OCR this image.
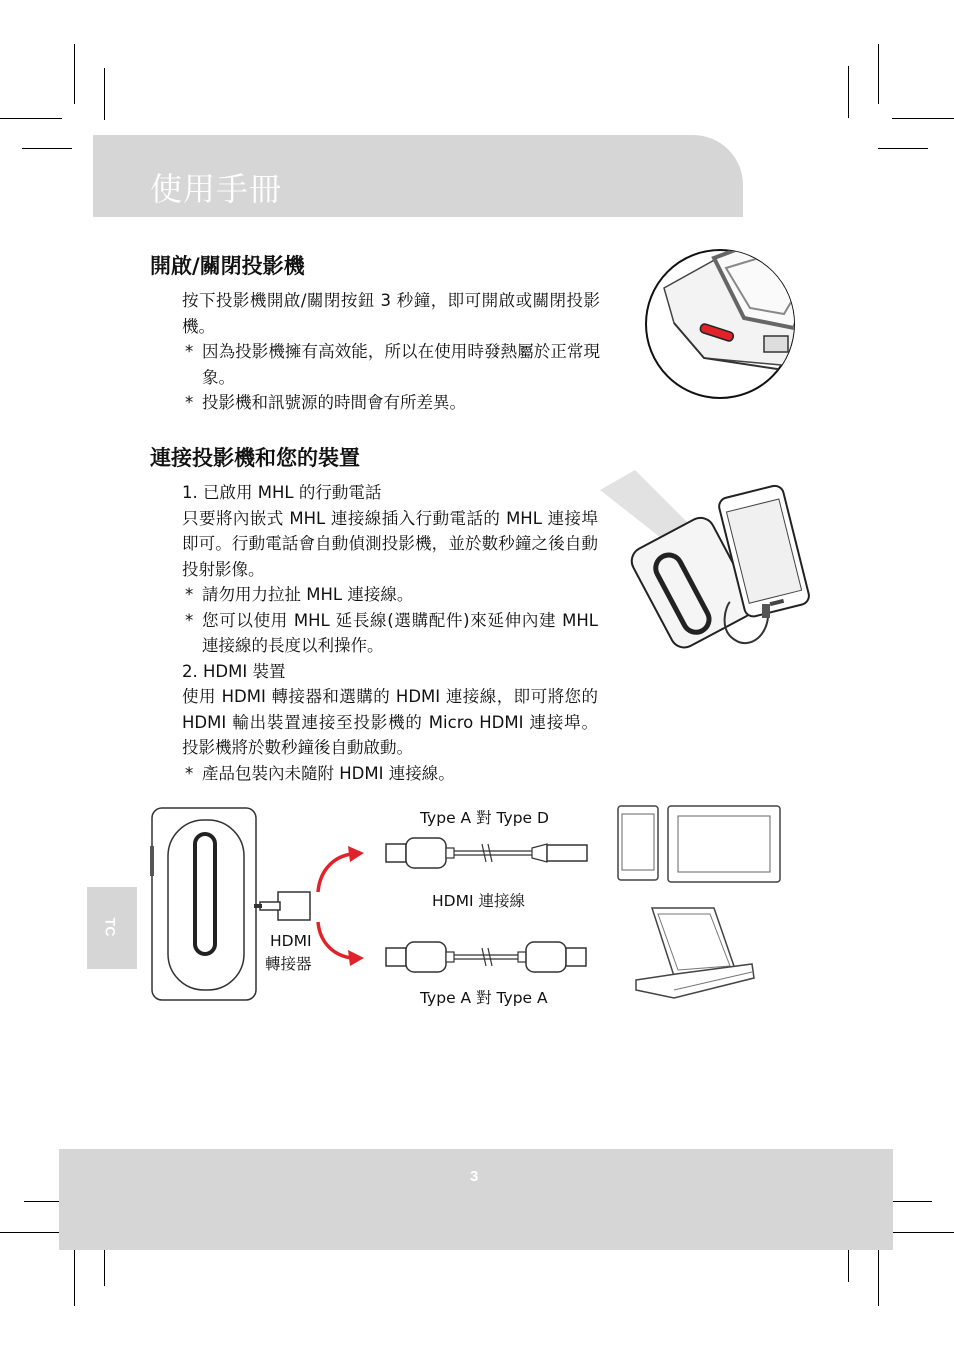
使用手冊
開啟/關閉投影機

按下投影機開啟/關閉按鈕 3 秒鐘，即可開啟或關閉投影機。

* 因為投影機擁有高效能，所以在使用時發熱屬於正常現象。

* 投影機和訊號源的時間會有所差異。

連接投影機和您的裝置

1. 已啟用 MHL 的行動電話

只要將內嵌式 MHL 連接線插入行動電話的 MHL 連接埠即可。行動電話會自動偵測投影機，並於數秒鐘之後自動投射影像。

* 請勿用力拉扯 MHL 連接線。

* 您可以使用 MHL 延長線(選購配件)來延伸內建 MHL 連接線的長度以利操作。

2. HDMI 裝置

使用 HDMI 轉接器和選購的 HDMI 連接線，即可將您的 HDMI 輸出裝置連接至投影機的 Micro HDMI 連接埠。投影機將於數秒鐘後自動啟動。

* 產品包裝內未隨附 HDMI 連接線。

TC
HDMI
轉接器
Type A 對 Type D
HDMI 連接線
Type A 對 Type A
3
